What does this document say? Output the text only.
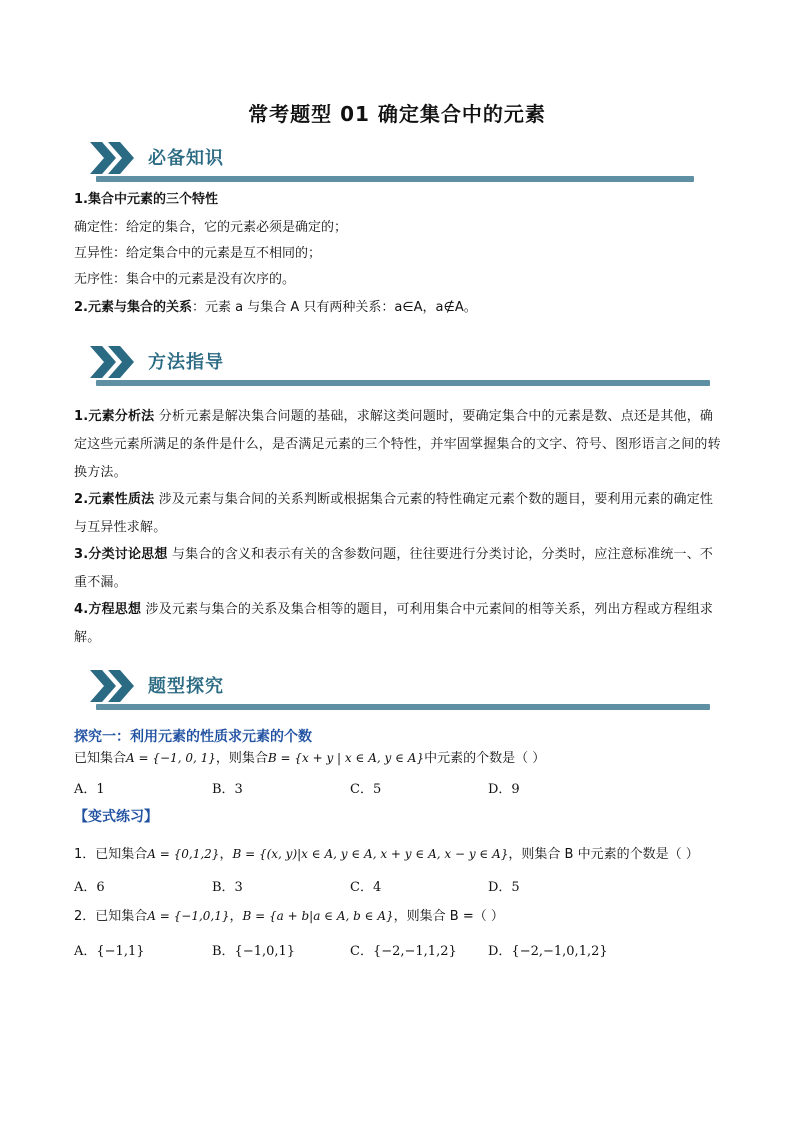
常考题型 01 确定集合中的元素
必备知识
1.集合中元素的三个特性
确定性：给定的集合，它的元素必须是确定的；
互异性：给定集合中的元素是互不相同的；
无序性：集合中的元素是没有次序的。
2.元素与集合的关系：元素 a 与集合 A 只有两种关系：a∈A，a∉A。
方法指导
1.元素分析法 分析元素是解决集合问题的基础，求解这类问题时，要确定集合中的元素是数、点还是其他，确定这些元素所满足的条件是什么，是否满足元素的三个特性，并牢固掌握集合的文字、符号、图形语言之间的转换方法。
2.元素性质法 涉及元素与集合间的关系判断或根据集合元素的特性确定元素个数的题目，要利用元素的确定性与互异性求解。
3.分类讨论思想 与集合的含义和表示有关的含参数问题，往往要进行分类讨论，分类时，应注意标准统一、不重不漏。
4.方程思想 涉及元素与集合的关系及集合相等的题目，可利用集合中元素间的相等关系，列出方程或方程组求解。
题型探究
探究一：利用元素的性质求元素的个数
已知集合A = {−1, 0, 1}，则集合B = {x + y | x ∈ A, y ∈ A}中元素的个数是（ ）
A．1	B．3	C．5	D．9
【变式练习】
1．已知集合A = {0,1,2}，B = {(x, y)|x ∈ A, y ∈ A, x + y ∈ A, x − y ∈ A}，则集合 B 中元素的个数是（ ）
A．6	B．3	C．4	D．5
2．已知集合A = {−1,0,1}，B = {a + b|a ∈ A, b ∈ A}，则集合 B =（ ）
A．{−1,1}	B．{−1,0,1}	C．{−2,−1,1,2} D．{−2,−1,0,1,2}
